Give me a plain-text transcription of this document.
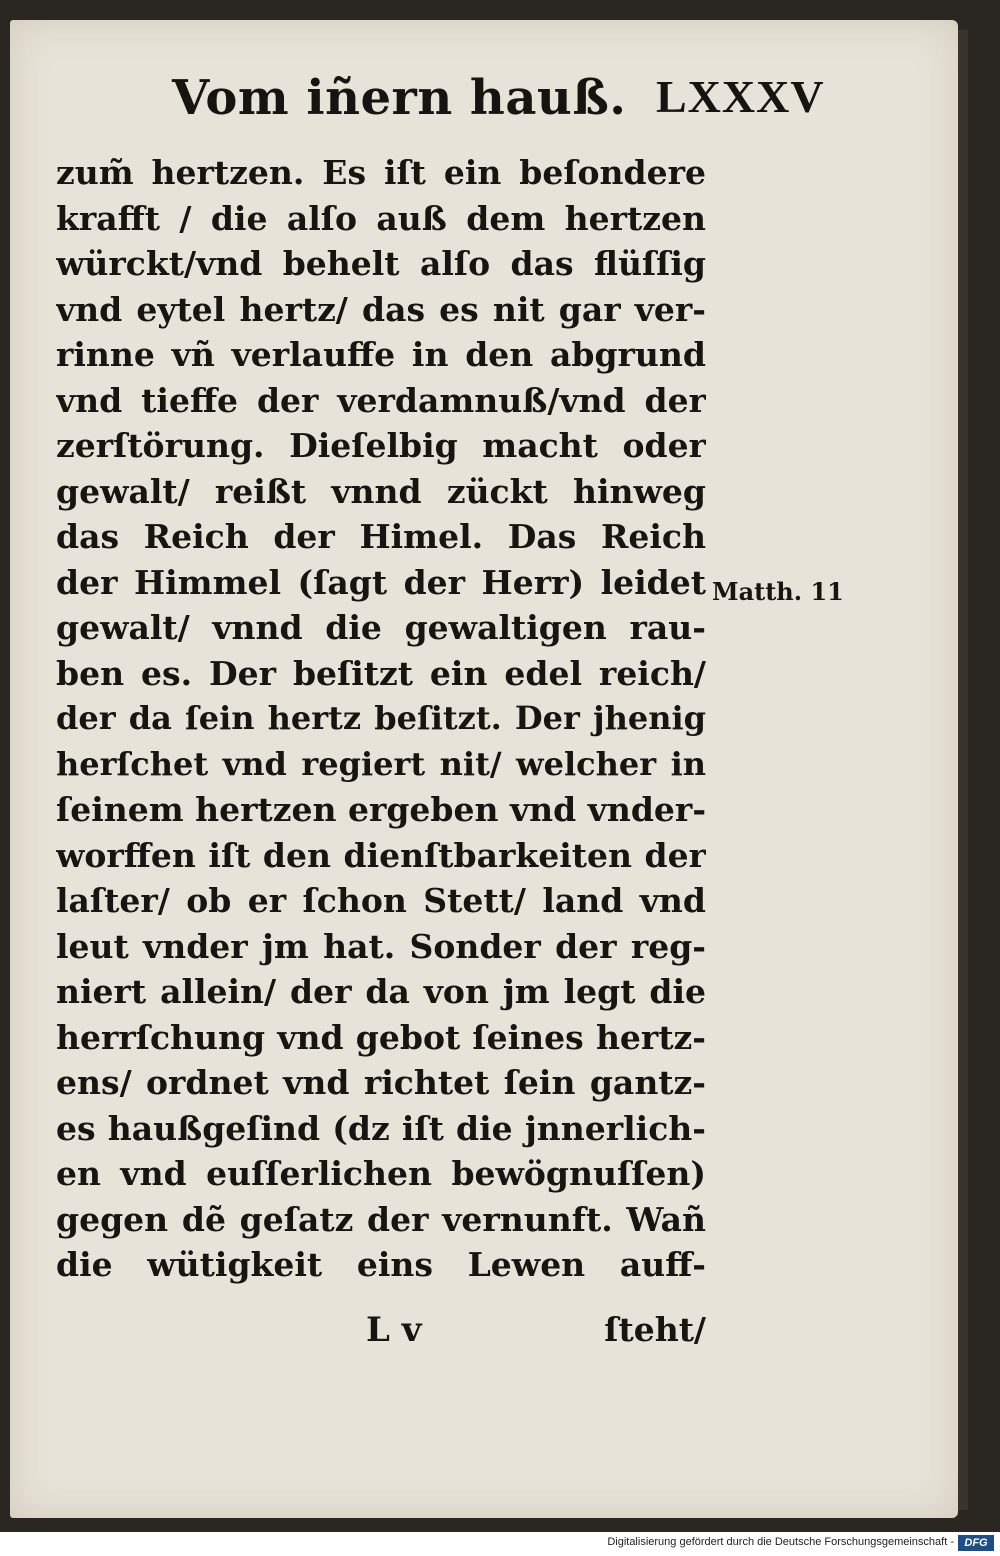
Vom iñern hauß. LXXXV
zum̃ hertzen. Es iſt ein beſondere
krafft / die alſo auß dem hertzen
würckt/vnd behelt alſo das flüſſig
vnd eytel hertz/ das es nit gar ver-
rinne vñ verlauffe in den abgrund
vnd tieffe der verdamnuß/vnd der
zerſtörung. Dieſelbig macht oder
gewalt/ reißt vnnd zückt hinweg
das Reich der Himel. Das Reich
der Himmel (ſagt der Herr) leidet
gewalt/ vnnd die gewaltigen rau-
ben es. Der beſitzt ein edel reich/
der da ſein hertz beſitzt. Der jhenig
herſchet vnd regiert nit/ welcher in
ſeinem hertzen ergeben vnd vnder-
worffen iſt den dienſtbarkeiten der
laſter/ ob er ſchon Stett/ land vnd
leut vnder jm hat. Sonder der reg-
niert allein/ der da von jm legt die
herrſchung vnd gebot ſeines hertz-
ens/ ordnet vnd richtet ſein gantz-
es haußgeſind (dz iſt die jnnerlich-
en vnd euſſerlichen bewögnuſſen)
gegen dẽ geſatz der vernunft. Wañ
die wütigkeit eins Lewen auff-
Matth. 11
L v	ſteht/
Digitalisierung gefördert durch die Deutsche Forschungsgemeinschaft - DFG
